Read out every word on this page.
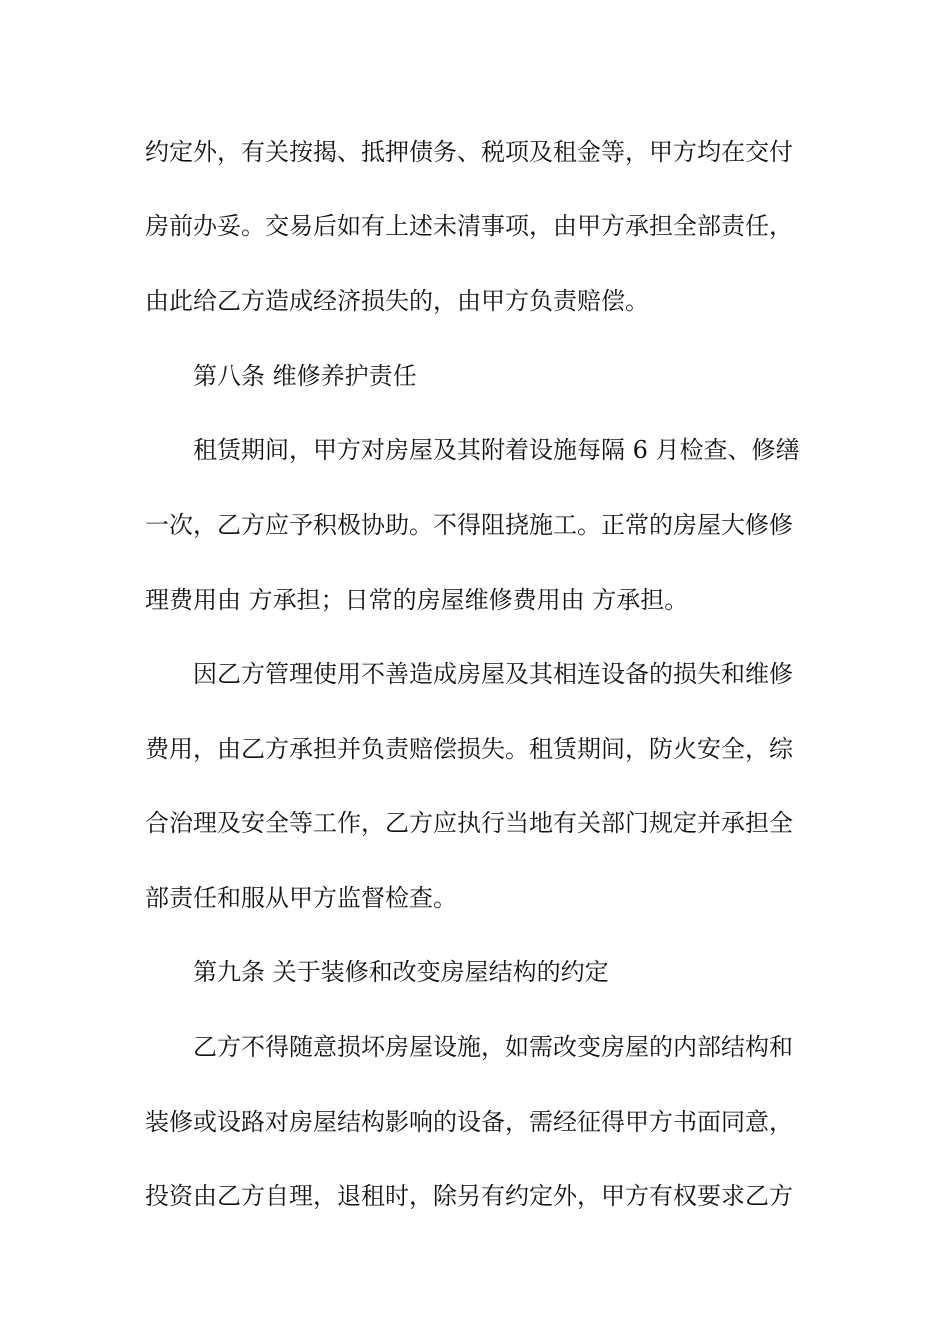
约定外，有关按揭、抵押债务、税项及租金等，甲方均在交付
房前办妥。交易后如有上述未清事项，由甲方承担全部责任，
由此给乙方造成经济损失的，由甲方负责赔偿。
第八条 维修养护责任
租赁期间，甲方对房屋及其附着设施每隔 6 月检查、修缮
一次，乙方应予积极协助。不得阻挠施工。正常的房屋大修修
理费用由 方承担；日常的房屋维修费用由 方承担。
因乙方管理使用不善造成房屋及其相连设备的损失和维修
费用，由乙方承担并负责赔偿损失。租赁期间，防火安全，综
合治理及安全等工作，乙方应执行当地有关部门规定并承担全
部责任和服从甲方监督检查。
第九条 关于装修和改变房屋结构的约定
乙方不得随意损坏房屋设施，如需改变房屋的内部结构和
装修或设路对房屋结构影响的设备，需经征得甲方书面同意，
投资由乙方自理，退租时，除另有约定外，甲方有权要求乙方
